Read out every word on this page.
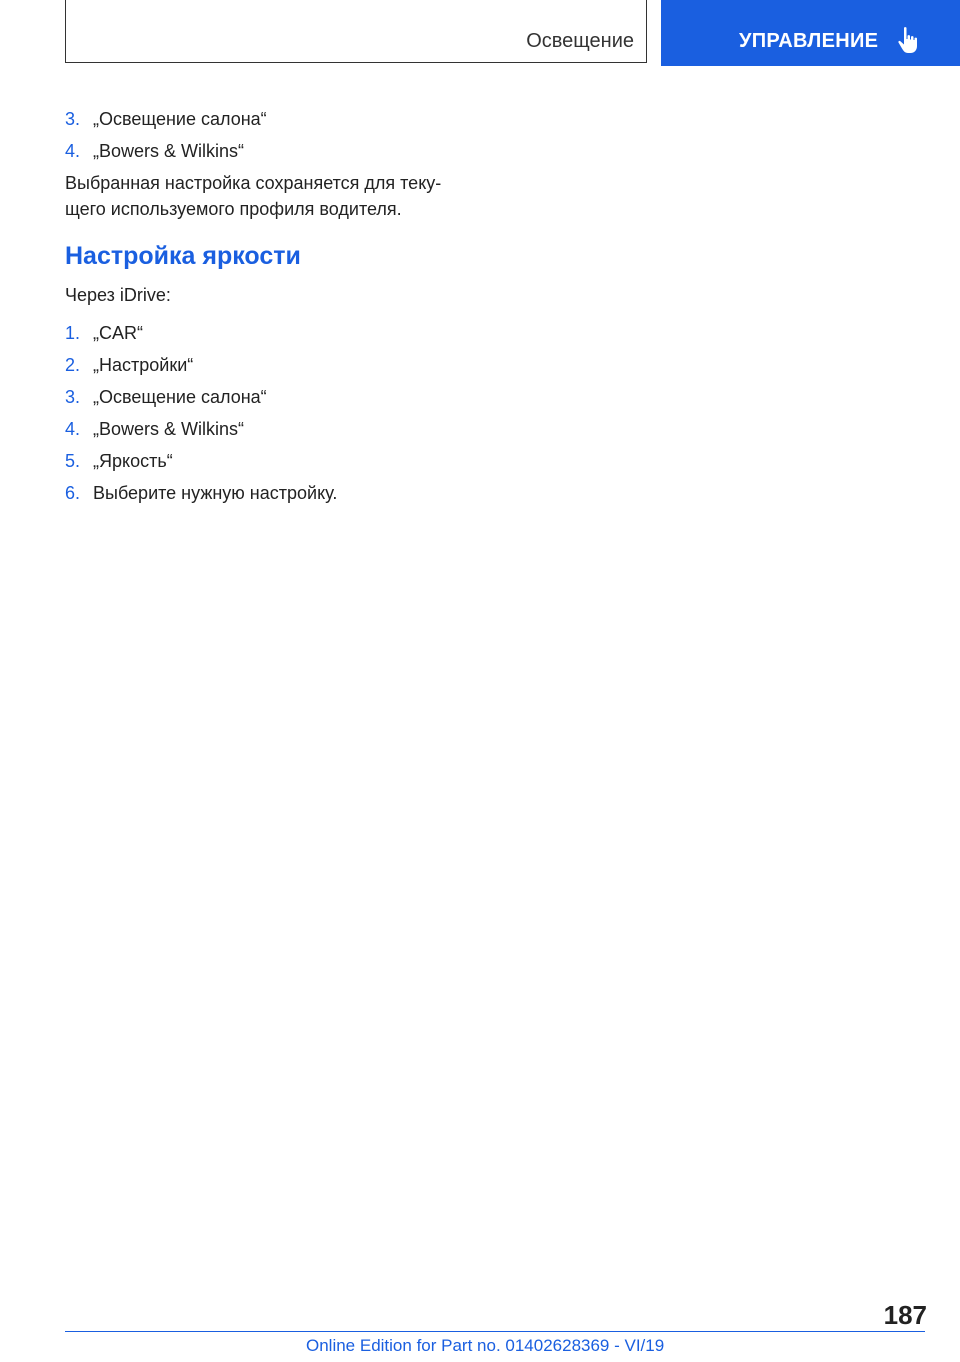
Освещение	УПРАВЛЕНИЕ
3. „Освещение салона“
4. „Bowers & Wilkins“

Выбранная настройка сохраняется для теку-
щего используемого профиля водителя.

Настройка яркости

Через iDrive:

1. „CAR“
2. „Настройки“
3. „Освещение салона“
4. „Bowers & Wilkins“
5. „Яркость“
6. Выберите нужную настройку.
187
Online Edition for Part no. 01402628369 - VI/19
